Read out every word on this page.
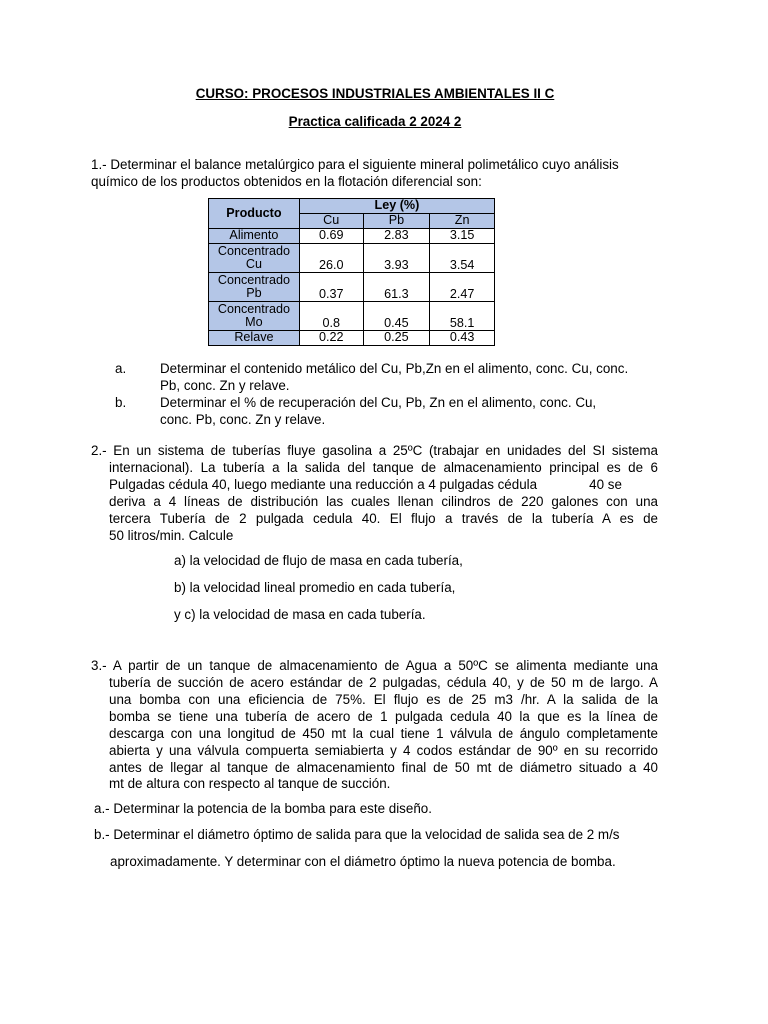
CURSO: PROCESOS INDUSTRIALES AMBIENTALES II C
Practica calificada 2 2024 2
1.- Determinar el balance metalúrgico para el siguiente mineral polimetálico cuyo análisis
químico de los productos obtenidos en la flotación diferencial son:
Producto	Ley (%)		
	Cu	Pb	Zn
Alimento	0.69	2.83	3.15
Concentrado
Cu	26.0	3.93	3.54
Concentrado
Pb	0.37	61.3	2.47
Concentrado
Mo	0.8	0.45	58.1
Relave	0.22	0.25	0.43
a.	Determinar el contenido metálico del Cu, Pb,Zn en el alimento, conc. Cu, conc.
Pb, conc. Zn y relave.
b.	Determinar el % de recuperación del Cu, Pb, Zn en el alimento, conc. Cu,
conc. Pb, conc. Zn y relave.
2.- En un sistema de tuberías fluye gasolina a 25ºC (trabajar en unidades del SI sistema
internacional). La tubería a la salida del tanque de almacenamiento principal es de 6
Pulgadas cédula 40, luego mediante una reducción a 4 pulgadas cédula              40 se
deriva a 4 líneas de distribución las cuales llenan cilindros de 220 galones con una
tercera Tubería de 2 pulgada cedula 40. El flujo a través de la tubería A es de
50 litros/min. Calcule
a) la velocidad de flujo de masa en cada tubería,
b) la velocidad lineal promedio en cada tubería,
y c) la velocidad de masa en cada tubería.
3.- A partir de un tanque de almacenamiento de Agua a 50ºC se alimenta mediante una
tubería de succión de acero estándar de 2 pulgadas, cédula 40, y de 50 m de largo. A
una bomba con una eficiencia de 75%. El flujo es de 25 m3 /hr. A la salida de la
bomba se tiene una tubería de acero de 1 pulgada cedula 40 la que es la línea de
descarga con una longitud de 450 mt la cual tiene 1 válvula de ángulo completamente
abierta y una válvula compuerta semiabierta y 4 codos estándar de 90º en su recorrido
antes de llegar al tanque de almacenamiento final de 50 mt de diámetro situado a 40
mt de altura con respecto al tanque de succión.
a.- Determinar la potencia de la bomba para este diseño.
b.- Determinar el diámetro óptimo de salida para que la velocidad de salida sea de 2 m/s
aproximadamente. Y determinar con el diámetro óptimo la nueva potencia de bomba.
